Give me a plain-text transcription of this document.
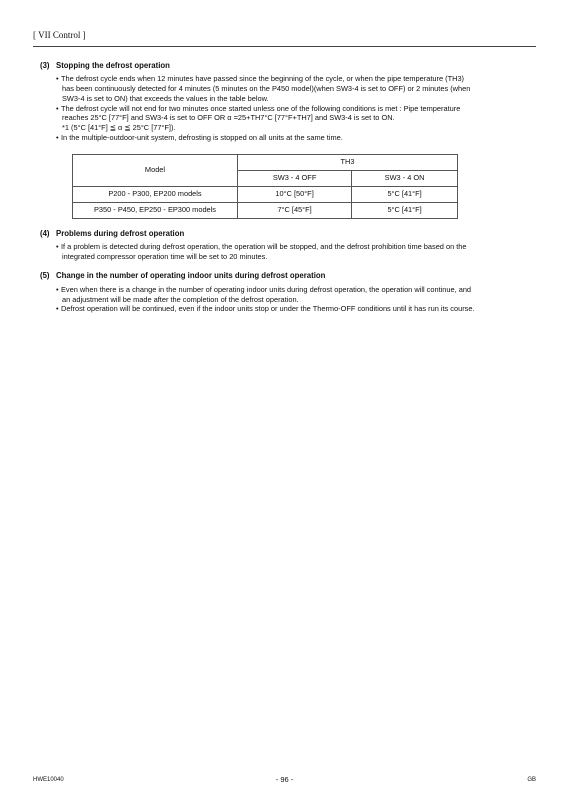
[ VII Control ]
(3) Stopping the defrost operation
• The defrost cycle ends when 12 minutes have passed since the beginning of the cycle, or when the pipe temperature (TH3)
has been continuously detected for 4 minutes (5 minutes on the P450 model)(when SW3-4 is set to OFF) or 2 minutes (when
SW3-4 is set to ON) that exceeds the values in the table below.
• The defrost cycle will not end for two minutes once started unless one of the following conditions is met : Pipe temperature
reaches 25°C [77°F] and SW3-4 is set to OFF OR α =25+TH7°C [77°F+TH7] and SW3-4 is set to ON.
*1 (5°C [41°F] ≦ α ≦ 25°C [77°F]).
• In the multiple-outdoor-unit system, defrosting is stopped on all units at the same time.
Model	TH3	
	SW3 - 4 OFF	SW3 - 4 ON
P200 - P300, EP200 models	10°C [50°F]	5°C [41°F]
P350 - P450, EP250 - EP300 models	7°C [45°F]	5°C [41°F]
(4) Problems during defrost operation
• If a problem is detected during defrost operation, the operation will be stopped, and the defrost prohibition time based on the
integrated compressor operation time will be set to 20 minutes.
(5) Change in the number of operating indoor units during defrost operation
• Even when there is a change in the number of operating indoor units during defrost operation, the operation will continue, and
an adjustment will be made after the completion of the defrost operation.
• Defrost operation will be continued, even if the indoor units stop or under the Thermo-OFF conditions until it has run its course.
HWE10040	- 96 -	GB
